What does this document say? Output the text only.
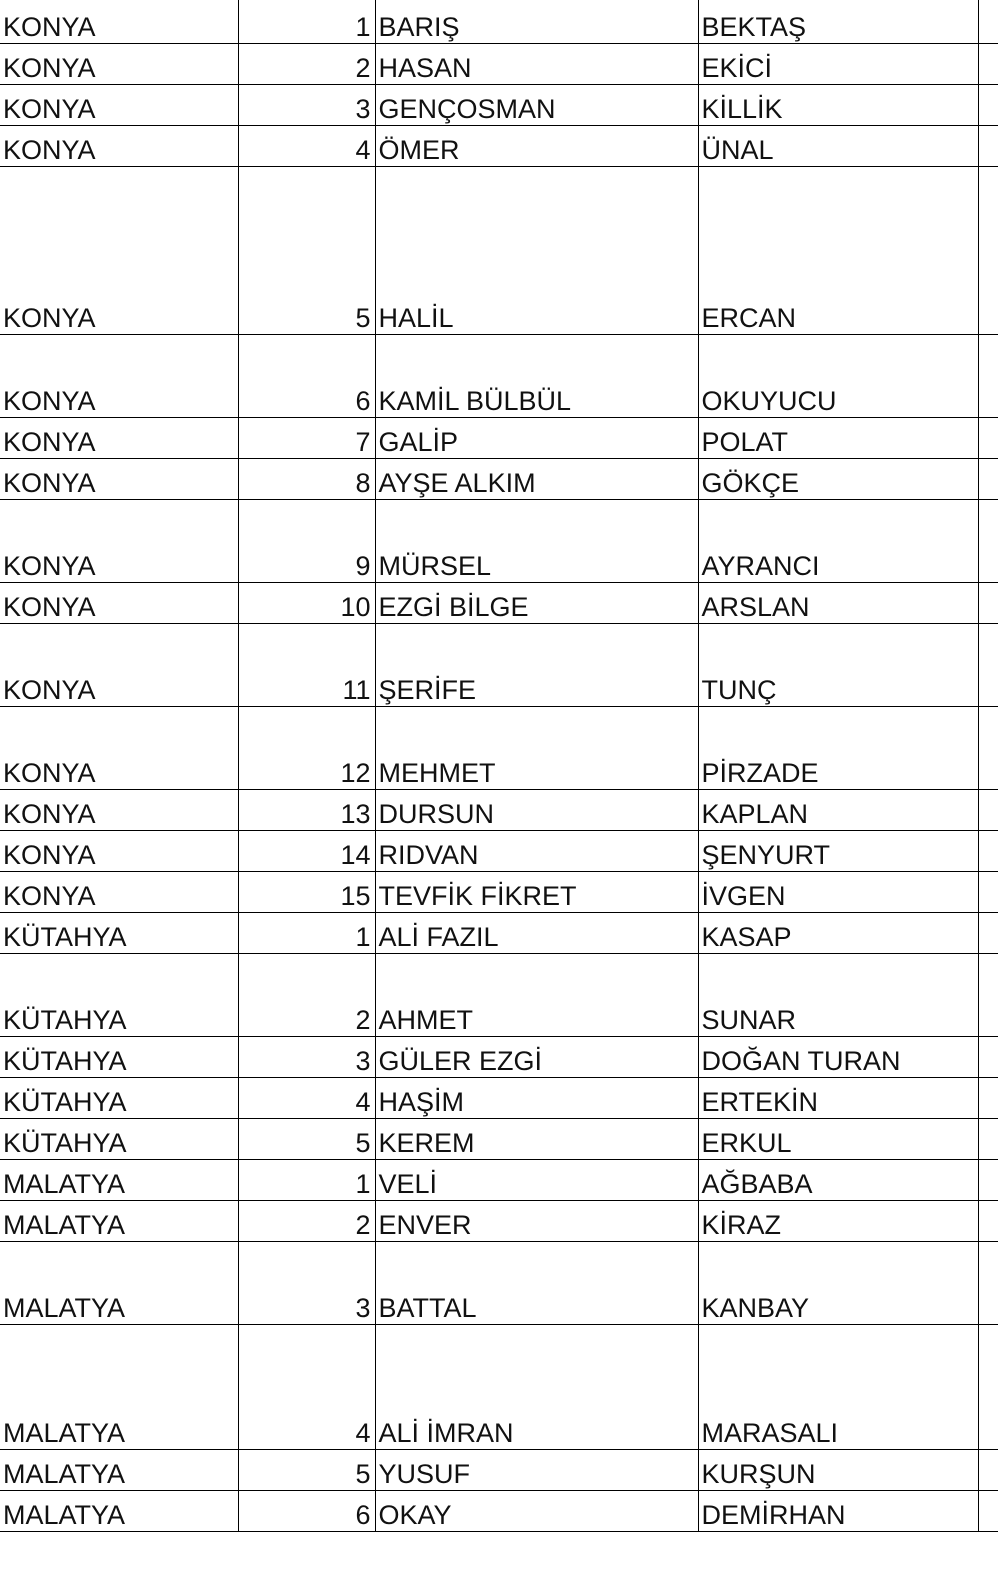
KONYA	1	BARIŞ	BEKTAŞ	
KONYA	2	HASAN	EKİCİ	
KONYA	3	GENÇOSMAN	KİLLİK	
KONYA	4	ÖMER	ÜNAL	
KONYA	5	HALİL	ERCAN	
KONYA	6	KAMİL BÜLBÜL	OKUYUCU	
KONYA	7	GALİP	POLAT	
KONYA	8	AYŞE ALKIM	GÖKÇE	
KONYA	9	MÜRSEL	AYRANCI	
KONYA	10	EZGİ BİLGE	ARSLAN	
KONYA	11	ŞERİFE	TUNÇ	
KONYA	12	MEHMET	PİRZADE	
KONYA	13	DURSUN	KAPLAN	
KONYA	14	RIDVAN	ŞENYURT	
KONYA	15	TEVFİK FİKRET	İVGEN	
KÜTAHYA	1	ALİ FAZIL	KASAP	
KÜTAHYA	2	AHMET	SUNAR	
KÜTAHYA	3	GÜLER EZGİ	DOĞAN TURAN	
KÜTAHYA	4	HAŞİM	ERTEKİN	
KÜTAHYA	5	KEREM	ERKUL	
MALATYA	1	VELİ	AĞBABA	
MALATYA	2	ENVER	KİRAZ	
MALATYA	3	BATTAL	KANBAY	
MALATYA	4	ALİ İMRAN	MARASALI	
MALATYA	5	YUSUF	KURŞUN	
MALATYA	6	OKAY	DEMİRHAN	
